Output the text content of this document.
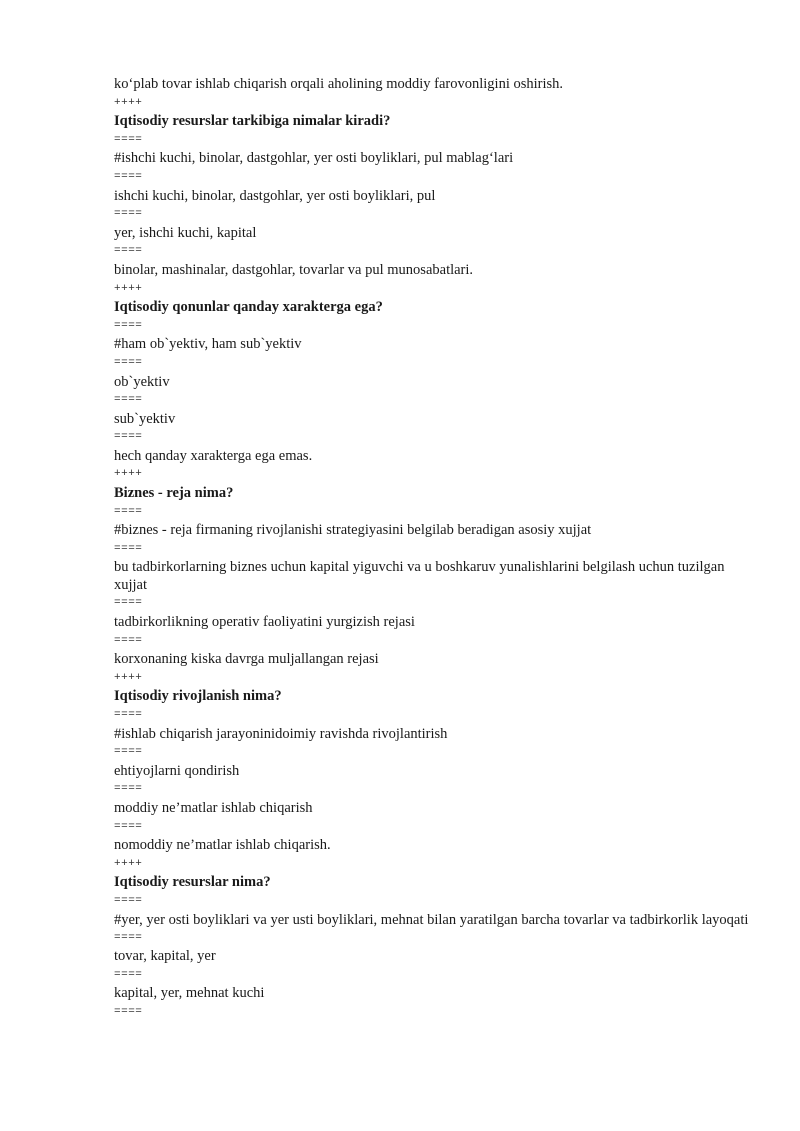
ko‘plab tovar ishlab chiqarish orqali aholining moddiy farovonligini oshirish.
++++
Iqtisodiy resurslar tarkibiga nimalar kiradi?
====
#ishchi kuchi, binolar, dastgohlar, yer osti boyliklari, pul mablag‘lari
====
ishchi kuchi, binolar, dastgohlar, yer osti boyliklari, pul
====
yer, ishchi kuchi, kapital
====
binolar, mashinalar, dastgohlar, tovarlar va pul munosabatlari.
++++
Iqtisodiy qonunlar qanday xarakterga ega?
====
#ham ob`yektiv, ham sub`yektiv
====
ob`yektiv
====
sub`yektiv
====
hech qanday xarakterga ega emas.
++++
Biznes - reja nima?
====
#biznes - reja firmaning rivojlanishi strategiyasini belgilab beradigan asosiy xujjat
====
bu tadbirkorlarning biznes uchun kapital yiguvchi va u boshkaruv yunalishlarini belgilash uchun tuzilgan xujjat
====
tadbirkorlikning operativ faoliyatini yurgizish rejasi
====
korxonaning kiska davrga muljallangan rejasi
++++
Iqtisodiy rivojlanish nima?
====
#ishlab chiqarish jarayoninidoimiy ravishda rivojlantirish
====
ehtiyojlarni qondirish
====
moddiy ne’matlar ishlab chiqarish
====
nomoddiy ne’matlar ishlab chiqarish.
++++
Iqtisodiy resurslar nima?
====
#yer, yer osti boyliklari va yer usti boyliklari, mehnat bilan yaratilgan barcha tovarlar va tadbirkorlik layoqati
====
tovar, kapital, yer
====
kapital, yer, mehnat kuchi
====
